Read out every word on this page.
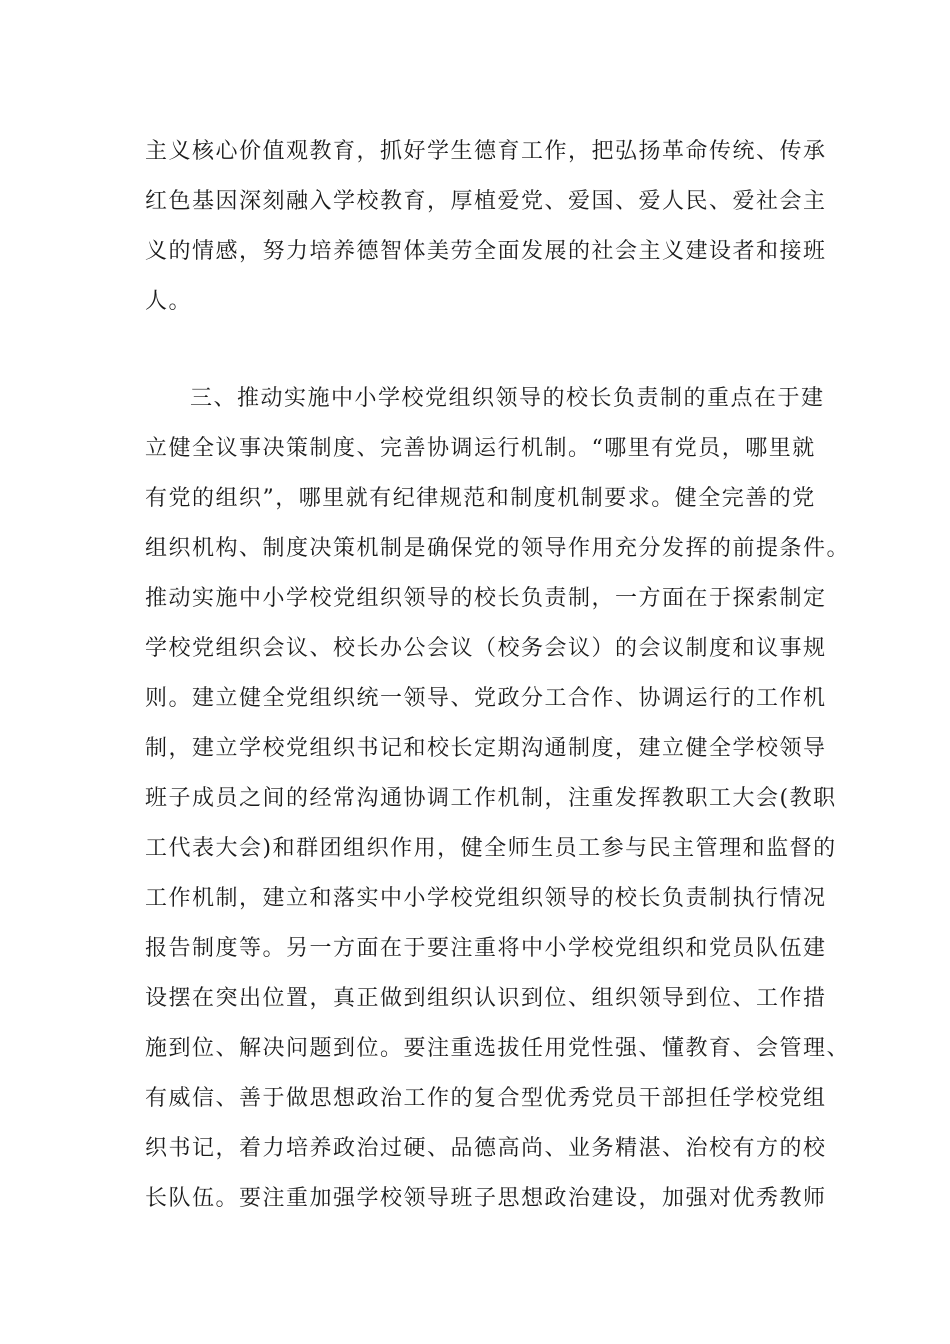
主义核心价值观教育，抓好学生德育工作，把弘扬革命传统、传承
红色基因深刻融入学校教育，厚植爱党、爱国、爱人民、爱社会主
义的情感，努力培养德智体美劳全面发展的社会主义建设者和接班
人。
三、推动实施中小学校党组织领导的校长负责制的重点在于建
立健全议事决策制度、完善协调运行机制。“哪里有党员，哪里就
有党的组织”，哪里就有纪律规范和制度机制要求。健全完善的党
组织机构、制度决策机制是确保党的领导作用充分发挥的前提条件。
推动实施中小学校党组织领导的校长负责制，一方面在于探索制定
学校党组织会议、校长办公会议（校务会议）的会议制度和议事规
则。建立健全党组织统一领导、党政分工合作、协调运行的工作机
制，建立学校党组织书记和校长定期沟通制度，建立健全学校领导
班子成员之间的经常沟通协调工作机制，注重发挥教职工大会(教职
工代表大会)和群团组织作用，健全师生员工参与民主管理和监督的
工作机制，建立和落实中小学校党组织领导的校长负责制执行情况
报告制度等。另一方面在于要注重将中小学校党组织和党员队伍建
设摆在突出位置，真正做到组织认识到位、组织领导到位、工作措
施到位、解决问题到位。要注重选拔任用党性强、懂教育、会管理、
有威信、善于做思想政治工作的复合型优秀党员干部担任学校党组
织书记，着力培养政治过硬、品德高尚、业务精湛、治校有方的校
长队伍。要注重加强学校领导班子思想政治建设，加强对优秀教师
